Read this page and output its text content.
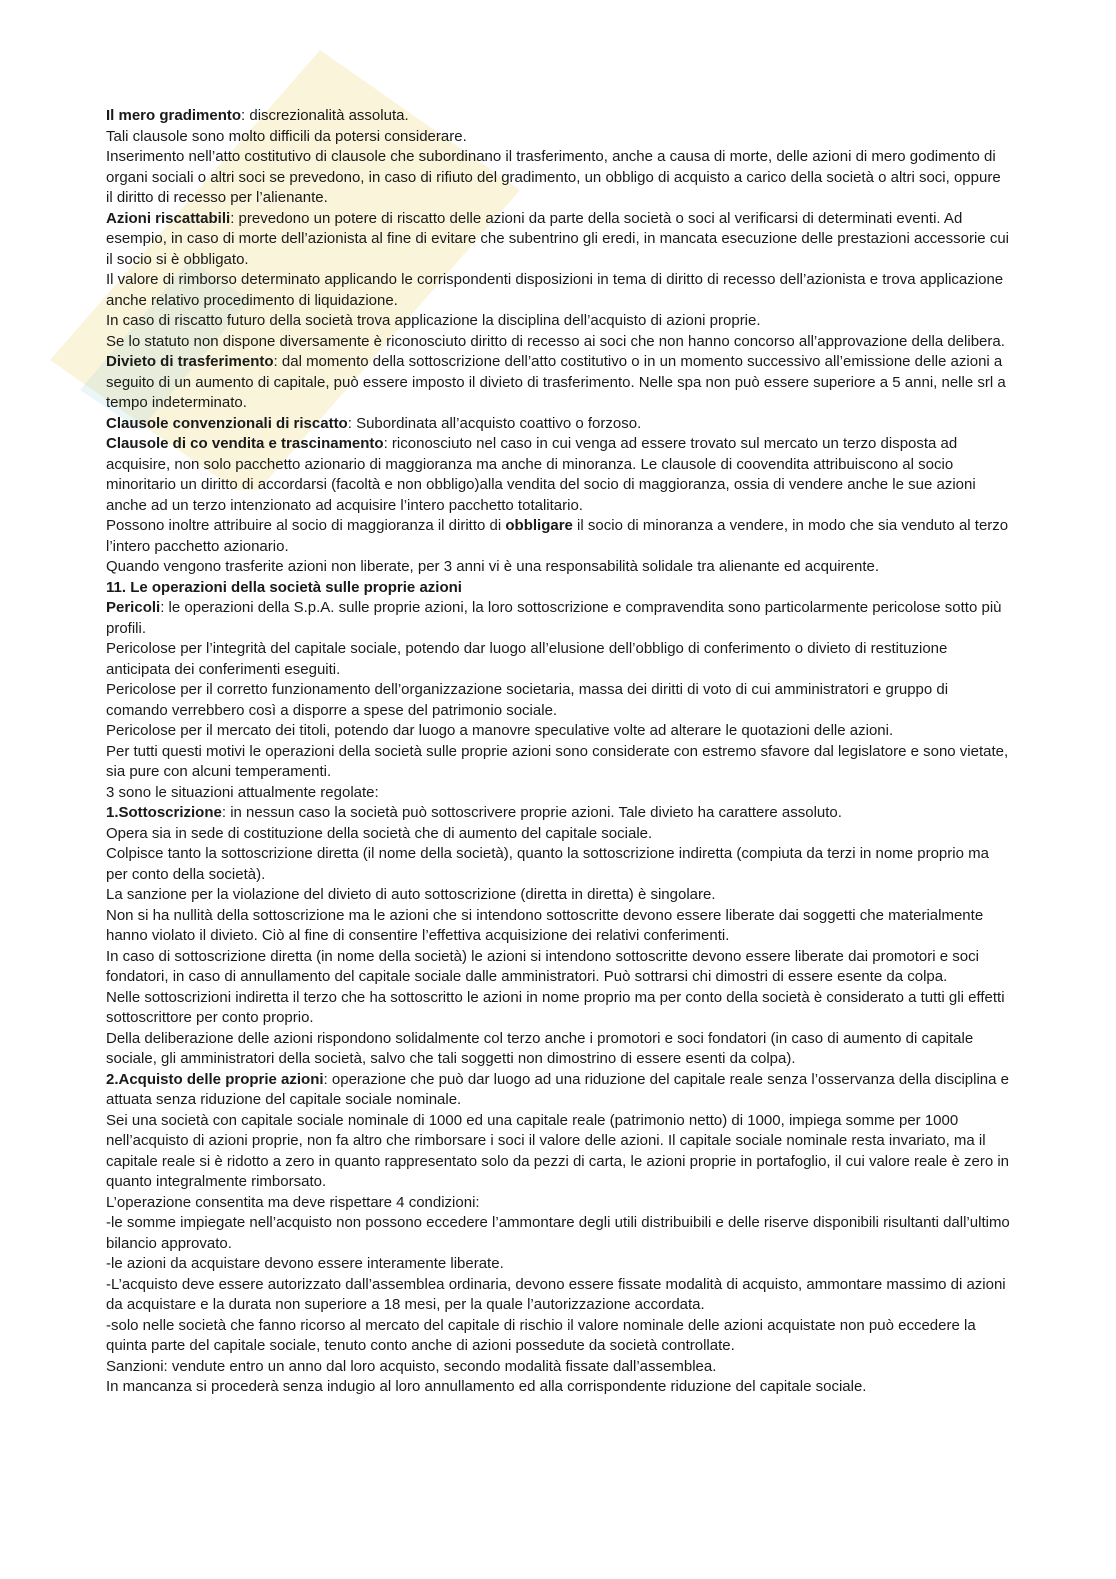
Il mero gradimento: discrezionalità assoluta.

Tali clausole sono molto difficili da potersi considerare.

Inserimento nell’atto costitutivo di clausole che subordinano il trasferimento, anche a causa di morte, delle azioni di mero godimento di organi sociali o altri soci se prevedono, in caso di rifiuto del gradimento, un obbligo di acquisto a carico della società o altri soci, oppure il diritto di recesso per l’alienante.

Azioni riscattabili: prevedono un potere di riscatto delle azioni da parte della società o soci al verificarsi di determinati eventi. Ad esempio, in caso di morte dell’azionista al fine di evitare che subentrino gli eredi, in mancata esecuzione delle prestazioni accessorie cui il socio si è obbligato.

Il valore di rimborso determinato applicando le corrispondenti disposizioni in tema di diritto di recesso dell’azionista e trova applicazione anche relativo procedimento di liquidazione.

In caso di riscatto futuro della società trova applicazione la disciplina dell’acquisto di azioni proprie.

Se lo statuto non dispone diversamente è riconosciuto diritto di recesso ai soci che non hanno concorso all’approvazione della delibera.

Divieto di trasferimento: dal momento della sottoscrizione dell’atto costitutivo o in un momento successivo all’emissione delle azioni a seguito di un aumento di capitale, può essere imposto il divieto di trasferimento. Nelle spa non può essere superiore a 5 anni, nelle srl a tempo indeterminato.

Clausole convenzionali di riscatto: Subordinata all’acquisto coattivo o forzoso.

Clausole di co vendita e trascinamento: riconosciuto nel caso in cui venga ad essere trovato sul mercato un terzo disposta ad acquisire, non solo pacchetto azionario di maggioranza ma anche di minoranza. Le clausole di coovendita attribuiscono al socio minoritario un diritto di accordarsi (facoltà e non obbligo)alla vendita del socio di maggioranza, ossia di vendere anche le sue azioni anche ad un terzo intenzionato ad acquisire l’intero pacchetto totalitario.

Possono inoltre attribuire al socio di maggioranza il diritto di obbligare il socio di minoranza a vendere, in modo che sia venduto al terzo l’intero pacchetto azionario.

Quando vengono trasferite azioni non liberate, per 3 anni vi è una responsabilità solidale tra alienante ed acquirente.

11. Le operazioni della società sulle proprie azioni

Pericoli: le operazioni della S.p.A. sulle proprie azioni, la loro sottoscrizione e compravendita sono particolarmente pericolose sotto più profili.

Pericolose per l’integrità del capitale sociale, potendo dar luogo all’elusione dell’obbligo di conferimento o divieto di restituzione anticipata dei conferimenti eseguiti.

Pericolose per il corretto funzionamento dell’organizzazione societaria, massa dei diritti di voto di cui amministratori e gruppo di comando verrebbero così a disporre a spese del patrimonio sociale.

Pericolose per il mercato dei titoli, potendo dar luogo a manovre speculative volte ad alterare le quotazioni delle azioni.

Per tutti questi motivi le operazioni della società sulle proprie azioni sono considerate con estremo sfavore dal legislatore e sono vietate, sia pure con alcuni temperamenti.

3 sono le situazioni attualmente regolate:

1.Sottoscrizione: in nessun caso la società può sottoscrivere proprie azioni. Tale divieto ha carattere assoluto.

Opera sia in sede di costituzione della società che di aumento del capitale sociale.

Colpisce tanto la sottoscrizione diretta (il nome della società), quanto la sottoscrizione indiretta (compiuta da terzi in nome proprio ma per conto della società).

La sanzione per la violazione del divieto di auto sottoscrizione (diretta in diretta) è singolare.

Non si ha nullità della sottoscrizione ma le azioni che si intendono sottoscritte devono essere liberate dai soggetti che materialmente hanno violato il divieto. Ciò al fine di consentire l’effettiva acquisizione dei relativi conferimenti.

In caso di sottoscrizione diretta (in nome della società) le azioni si intendono sottoscritte devono essere liberate dai promotori e soci fondatori, in caso di annullamento del capitale sociale dalle amministratori. Può sottrarsi chi dimostri di essere esente da colpa.

Nelle sottoscrizioni indiretta il terzo che ha sottoscritto le azioni in nome proprio ma per conto della società è considerato a tutti gli effetti sottoscrittore per conto proprio.

Della deliberazione delle azioni rispondono solidalmente col terzo anche i promotori e soci fondatori (in caso di aumento di capitale sociale, gli amministratori della società, salvo che tali soggetti non dimostrino di essere esenti da colpa).

2.Acquisto delle proprie azioni: operazione che può dar luogo ad una riduzione del capitale reale senza l’osservanza della disciplina e attuata senza riduzione del capitale sociale nominale.

Sei una società con capitale sociale nominale di 1000 ed una capitale reale (patrimonio netto) di 1000, impiega somme per 1000 nell’acquisto di azioni proprie, non fa altro che rimborsare i soci il valore delle azioni. Il capitale sociale nominale resta invariato, ma il capitale reale si è ridotto a zero in quanto rappresentato solo da pezzi di carta, le azioni proprie in portafoglio, il cui valore reale è zero in quanto integralmente rimborsato.

L’operazione consentita ma deve rispettare 4 condizioni:

-le somme impiegate nell’acquisto non possono eccedere l’ammontare degli utili distribuibili e delle riserve disponibili risultanti dall’ultimo bilancio approvato.

-le azioni da acquistare devono essere interamente liberate.

-L’acquisto deve essere autorizzato dall’assemblea ordinaria, devono essere fissate modalità di acquisto, ammontare massimo di azioni da acquistare e la durata non superiore a 18 mesi, per la quale l’autorizzazione accordata.

-solo nelle società che fanno ricorso al mercato del capitale di rischio il valore nominale delle azioni acquistate non può eccedere la quinta parte del capitale sociale, tenuto conto anche di azioni possedute da società controllate.

Sanzioni: vendute entro un anno dal loro acquisto, secondo modalità fissate dall’assemblea.

In mancanza si procederà senza indugio al loro annullamento ed alla corrispondente riduzione del capitale sociale.
